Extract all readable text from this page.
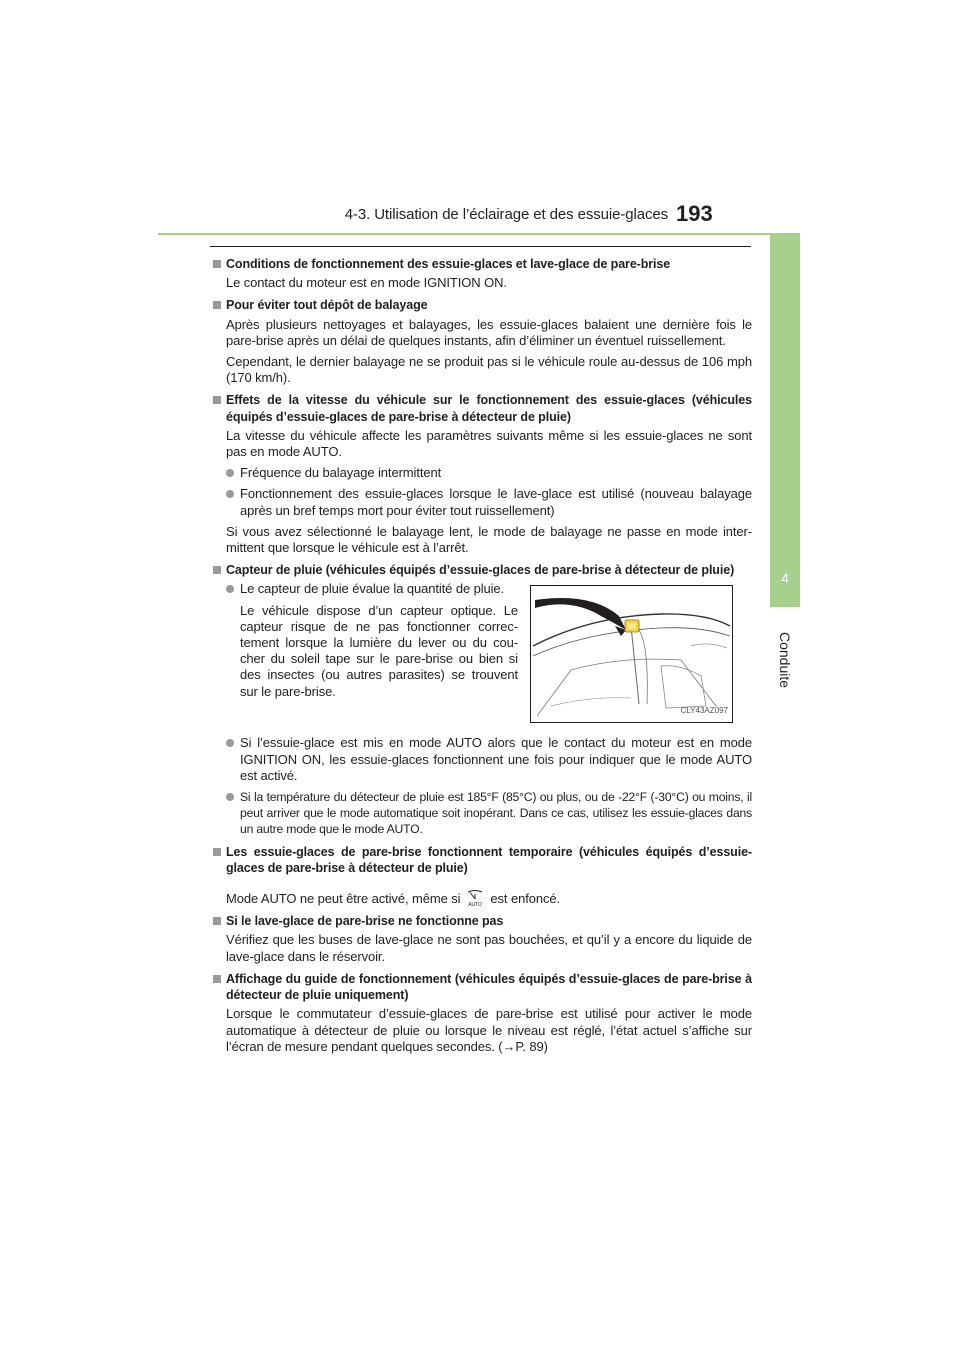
4-3. Utilisation de l’éclairage et des essuie-glaces 193
4
Conduite
Conditions de fonctionnement des essuie-glaces et lave-glace de pare-brise
Le contact du moteur est en mode IGNITION ON.
Pour éviter tout dépôt de balayage
Après plusieurs nettoyages et balayages, les essuie-glaces balaient une dernière fois le pare-brise après un délai de quelques instants, afin d’éliminer un éventuel ruissellement.
Cependant, le dernier balayage ne se produit pas si le véhicule roule au-dessus de 106 mph (170 km/h).
Effets de la vitesse du véhicule sur le fonctionnement des essuie-glaces (véhicules équipés d’essuie-glaces de pare-brise à détecteur de pluie)
La vitesse du véhicule affecte les paramètres suivants même si les essuie-glaces ne sont pas en mode AUTO.
Fréquence du balayage intermittent
Fonctionnement des essuie-glaces lorsque le lave-glace est utilisé (nouveau balayage après un bref temps mort pour éviter tout ruissellement)
Si vous avez sélectionné le balayage lent, le mode de balayage ne passe en mode inter-mittent que lorsque le véhicule est à l’arrêt.
Capteur de pluie (véhicules équipés d’essuie-glaces de pare-brise à détecteur de pluie)
Le capteur de pluie évalue la quantité de pluie.
Le véhicule dispose d’un capteur optique. Le capteur risque de ne pas fonctionner correc-tement lorsque la lumière du lever ou du cou-cher du soleil tape sur le pare-brise ou bien si des insectes (ou autres parasites) se trouvent sur le pare-brise.
CLY43AZ097
Si l’essuie-glace est mis en mode AUTO alors que le contact du moteur est en mode IGNITION ON, les essuie-glaces fonctionnent une fois pour indiquer que le mode AUTO est activé.
Si la température du détecteur de pluie est 185°F (85°C) ou plus, ou de -22°F (-30°C) ou moins, il peut arriver que le mode automatique soit inopérant. Dans ce cas, utilisez les essuie-glaces dans un autre mode que le mode AUTO.
Les essuie-glaces de pare-brise fonctionnent temporaire (véhicules équipés d’essuie-glaces de pare-brise à détecteur de pluie)
Mode AUTO ne peut être activé, même si AUTO est enfoncé.
Si le lave-glace de pare-brise ne fonctionne pas
Vérifiez que les buses de lave-glace ne sont pas bouchées, et qu’il y a encore du liquide de lave-glace dans le réservoir.
Affichage du guide de fonctionnement (véhicules équipés d’essuie-glaces de pare-brise à détecteur de pluie uniquement)
Lorsque le commutateur d’essuie-glaces de pare-brise est utilisé pour activer le mode automatique à détecteur de pluie ou lorsque le niveau est réglé, l’état actuel s’affiche sur l’écran de mesure pendant quelques secondes. (→P. 89)
